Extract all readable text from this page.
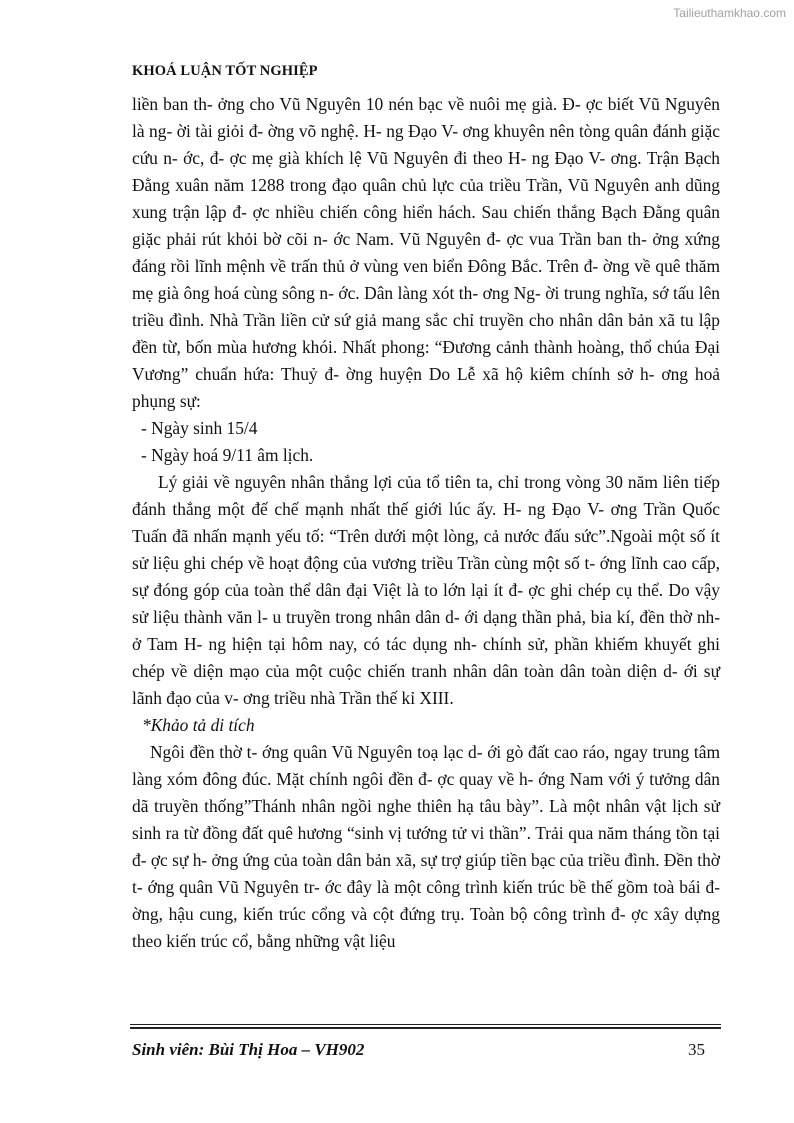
Tailieuthamkhao.com
KHOÁ LUẬN TỐT NGHIỆP

liền ban th- ởng cho Vũ Nguyên 10 nén bạc về nuôi mẹ già. Đ- ợc biết Vũ Nguyên là ng- ời tài giỏi đ- ờng võ nghệ. H- ng Đạo V- ơng khuyên nên tòng quân đánh giặc cứu n- ớc, đ- ợc mẹ già khích lệ Vũ Nguyên đi theo H- ng Đạo V- ơng. Trận Bạch Đằng xuân năm 1288 trong đạo quân chủ lực của triều Trần, Vũ Nguyên anh dũng xung trận lập đ- ợc nhiều chiến công hiển hách. Sau chiến thắng Bạch Đằng quân giặc phải rút khỏi bờ cõi n- ớc Nam. Vũ Nguyên đ- ợc vua Trần ban th- ởng xứng đáng rồi lĩnh mệnh về trấn thủ ở vùng ven biển Đông Bắc. Trên đ- ờng về quê thăm mẹ già ông hoá cùng sông n- ớc. Dân làng xót th- ơng Ng- ời trung nghĩa, sớ tấu lên triều đình. Nhà Trần liền cử sứ giả mang sắc chỉ truyền cho nhân dân bản xã tu lập đền từ, bốn mùa hương khói. Nhất phong: “Đương cảnh thành hoàng, thổ chúa Đại Vương” chuẩn hứa: Thuỷ đ- ờng huyện Do Lễ xã hộ kiêm chính sở h- ơng hoả phụng sự:

- Ngày sinh 15/4

- Ngày hoá 9/11 âm lịch.

Lý giải về nguyên nhân thắng lợi của tổ tiên ta, chỉ trong vòng 30 năm liên tiếp đánh thắng một đế chế mạnh nhất thế giới lúc ấy. H- ng Đạo V- ơng Trần Quốc Tuấn đã nhấn mạnh yếu tố: “Trên dưới một lòng, cả nước đấu sức”.Ngoài một số ít sử liệu ghi chép về hoạt động của vương triều Trần cùng một số t- ớng lĩnh cao cấp, sự đóng góp của toàn thể dân đại Việt là to lớn lại ít đ- ợc ghi chép cụ thể. Do vậy sử liệu thành văn l- u truyền trong nhân dân d- ới dạng thần phả, bia kí, đền thờ nh- ở Tam H- ng hiện tại hôm nay, có tác dụng nh- chính sử, phần khiếm khuyết ghi chép về diện mạo của một cuộc chiến tranh nhân dân toàn dân toàn diện d- ới sự lãnh đạo của v- ơng triều nhà Trần thế kỉ XIII.

*Khảo tả di tích

Ngôi đền thờ t- ớng quân Vũ Nguyên toạ lạc d- ới gò đất cao ráo, ngay trung tâm làng xóm đông đúc. Mặt chính ngôi đền đ- ợc quay về h- ớng Nam với ý tưởng dân dã truyền thống”Thánh nhân ngồi nghe thiên hạ tâu bày”. Là một nhân vật lịch sử sinh ra từ đồng đất quê hương “sinh vị tướng tử vi thần”. Trải qua năm tháng tồn tại đ- ợc sự h- ởng ứng của toàn dân bản xã, sự trợ giúp tiền bạc của triều đình. Đền thờ t- ớng quân Vũ Nguyên tr- ớc đây là một công trình kiến trúc bề thế gồm toà bái đ- ờng, hậu cung, kiến trúc cổng và cột đứng trụ. Toàn bộ công trình đ- ợc xây dựng theo kiến trúc cổ, bằng những vật liệu

Sinh viên: Bùi Thị Hoa – VH902	35
